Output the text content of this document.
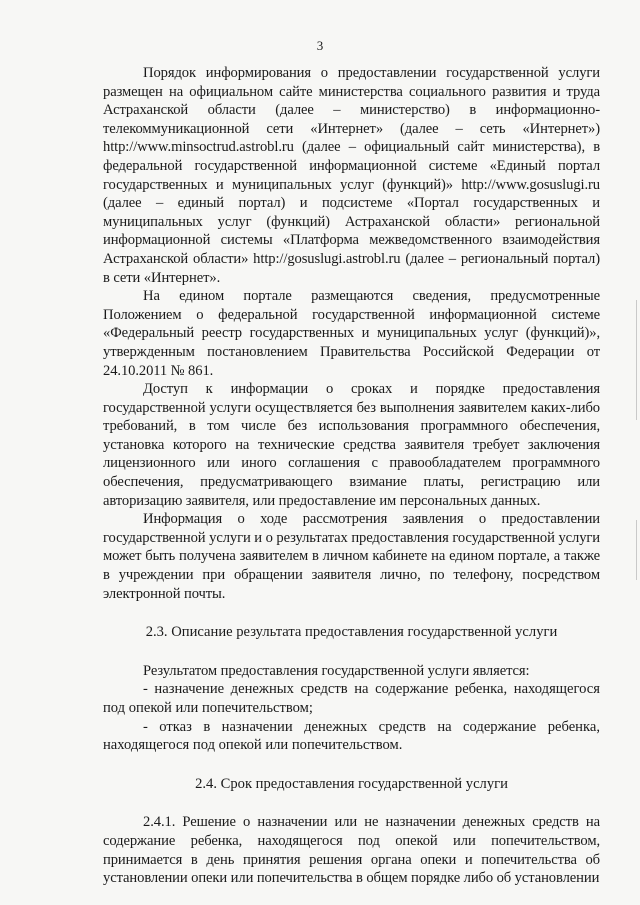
3

Порядок информирования о предоставлении государственной услуги размещен на официальном сайте министерства социального развития и труда Астраханской области (далее – министерство) в информационно-телекоммуникационной сети «Интернет» (далее – сеть «Интернет») http://www.minsoctrud.astrobl.ru (далее – официальный сайт министерства), в федеральной государственной информационной системе «Единый портал государственных и муниципальных услуг (функций)» http://www.gosuslugi.ru (далее – единый портал) и подсистеме «Портал государственных и муниципальных услуг (функций) Астраханской области» региональной информационной системы «Платформа межведомственного взаимодействия Астраханской области» http://gosuslugi.astrobl.ru (далее – региональный портал) в сети «Интернет».

На едином портале размещаются сведения, предусмотренные Положением о федеральной государственной информационной системе «Федеральный реестр государственных и муниципальных услуг (функций)», утвержденным постановлением Правительства Российской Федерации от 24.10.2011 № 861.

Доступ к информации о сроках и порядке предоставления государственной услуги осуществляется без выполнения заявителем каких-либо требований, в том числе без использования программного обеспечения, установка которого на технические средства заявителя требует заключения лицензионного или иного соглашения с правообладателем программного обеспечения, предусматривающего взимание платы, регистрацию или авторизацию заявителя, или предоставление им персональных данных.

Информация о ходе рассмотрения заявления о предоставлении государственной услуги и о результатах предоставления государственной услуги может быть получена заявителем в личном кабинете на едином портале, а также в учреждении при обращении заявителя лично, по телефону, посредством электронной почты.

2.3. Описание результата предоставления государственной услуги

Результатом предоставления государственной услуги является:

- назначение денежных средств на содержание ребенка, находящегося под опекой или попечительством;

- отказ в назначении денежных средств на содержание ребенка, находящегося под опекой или попечительством.

2.4. Срок предоставления государственной услуги

2.4.1. Решение о назначении или не назначении денежных средств на содержание ребенка, находящегося под опекой или попечительством, принимается в день принятия решения органа опеки и попечительства об установлении опеки или попечительства в общем порядке либо об установлении
